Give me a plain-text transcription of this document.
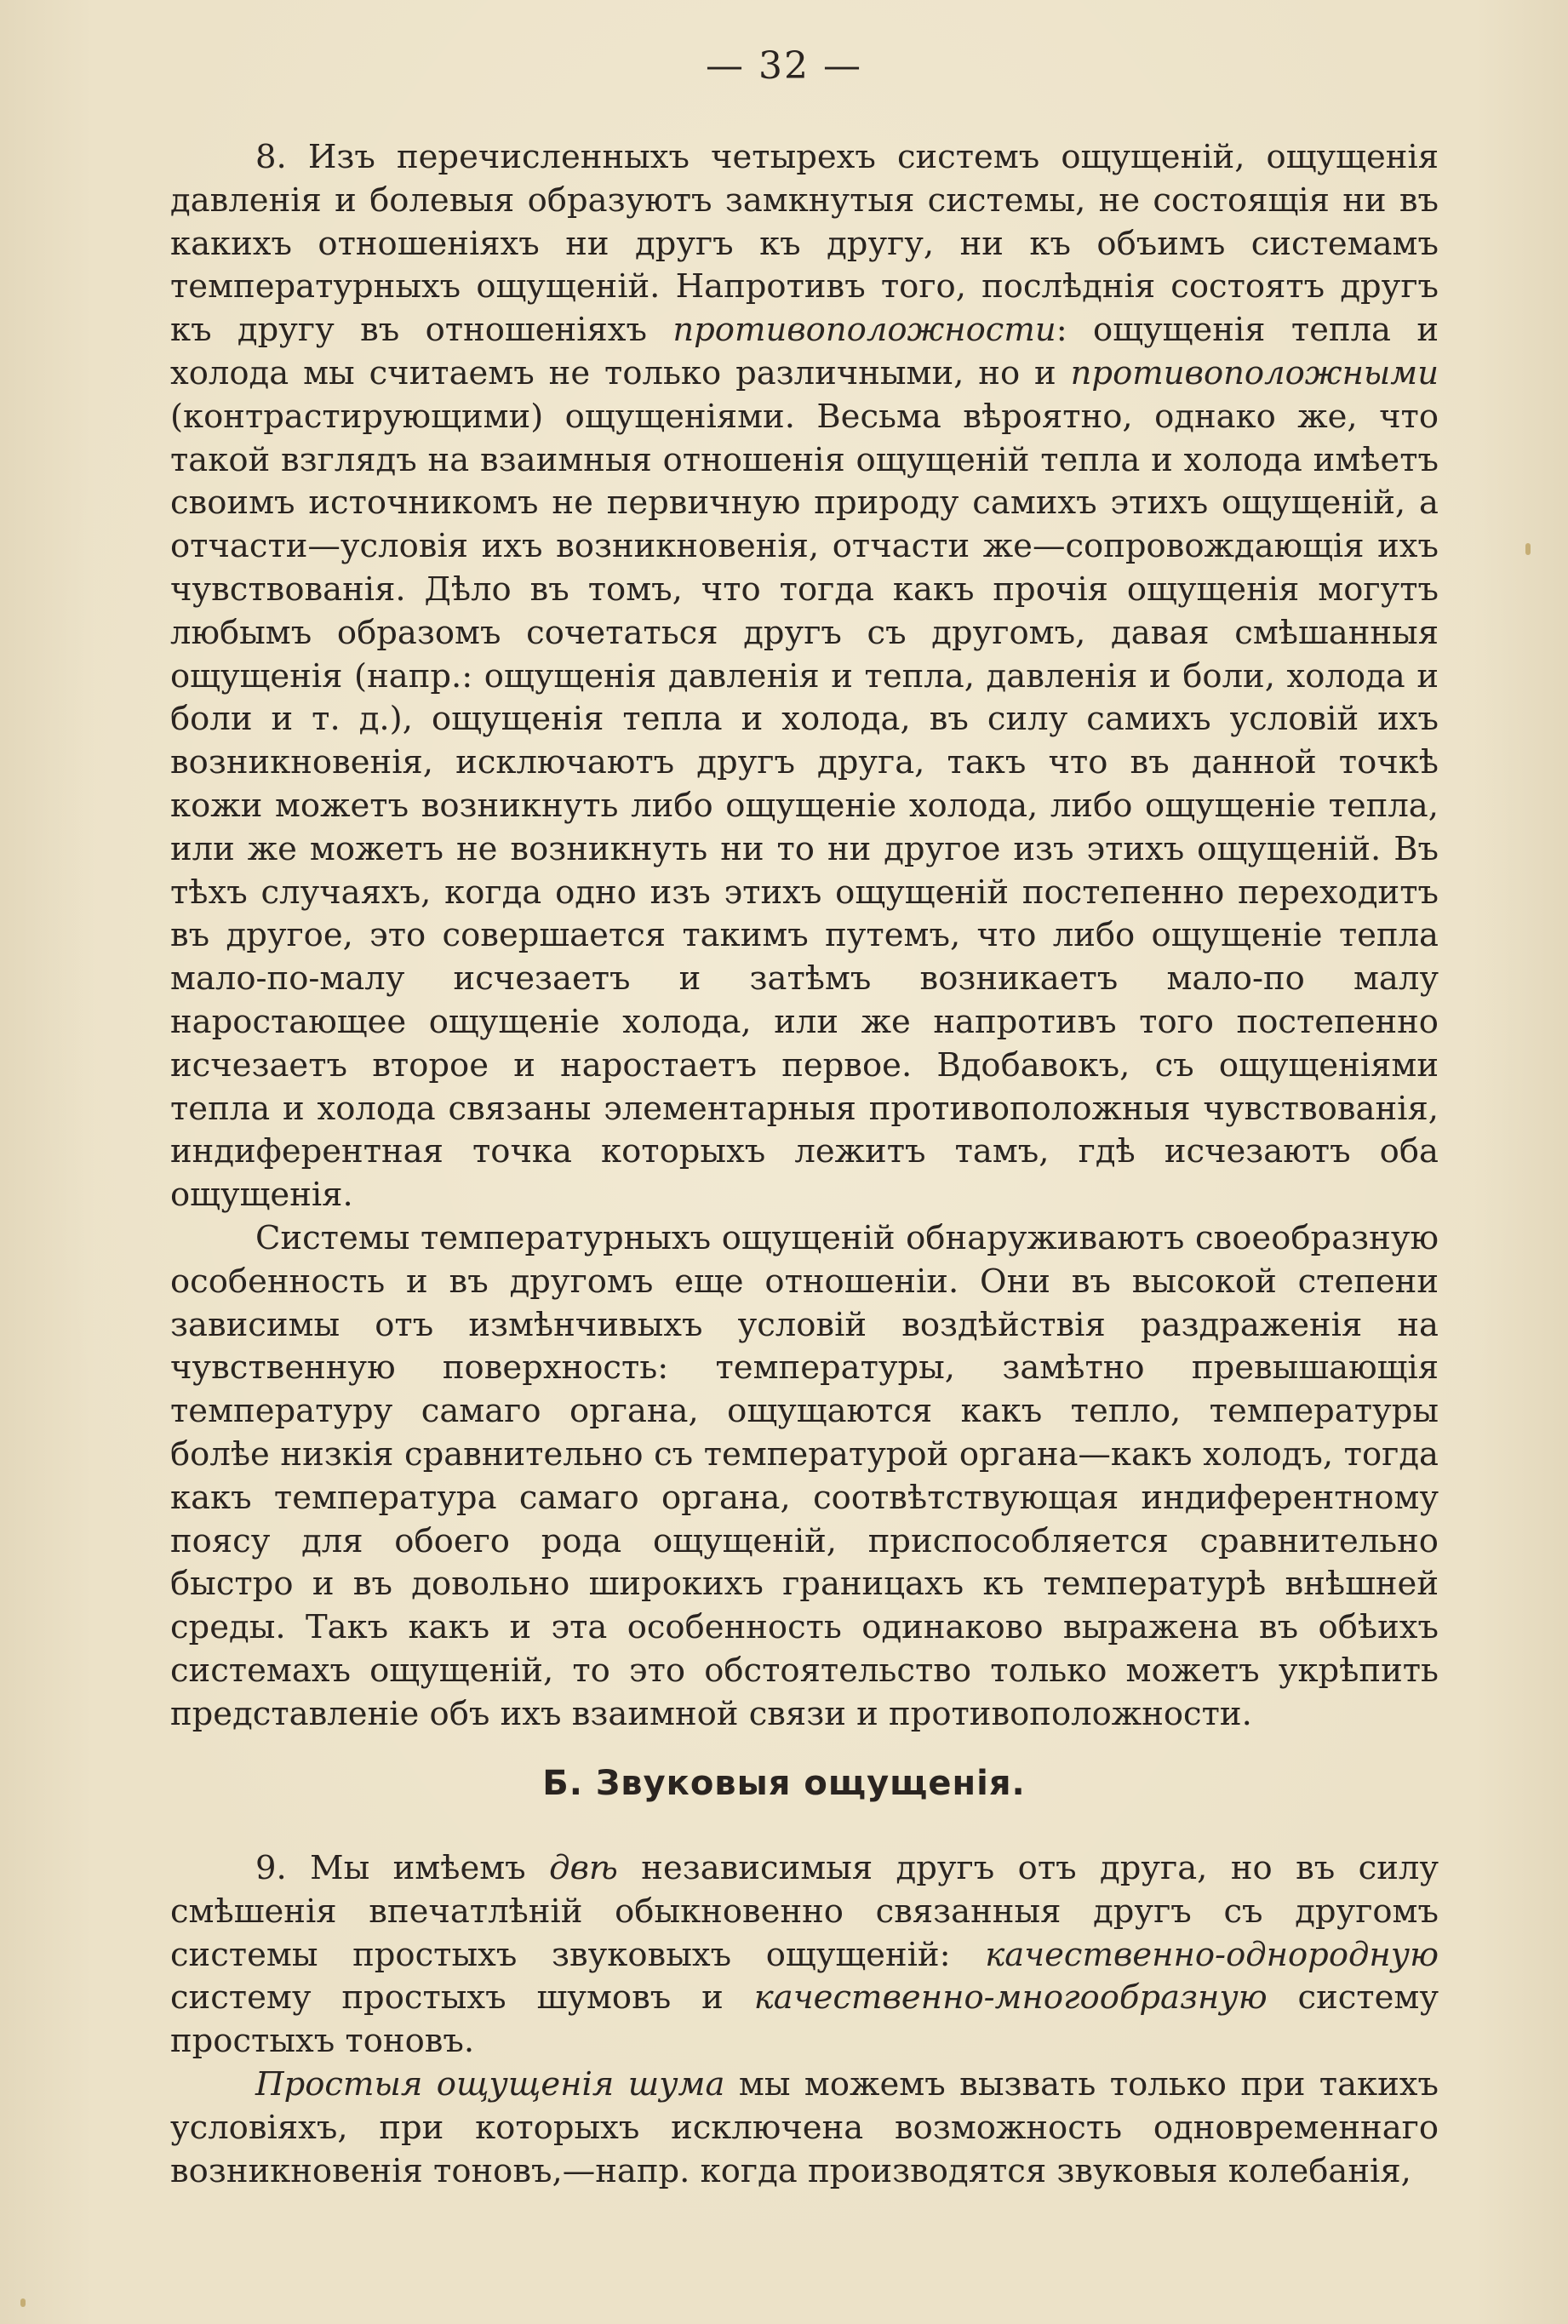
— 32 —

8. Изъ перечисленныхъ четырехъ системъ ощущеній, ощущенія давленія и болевыя образуютъ замкнутыя системы, не состоящія ни въ какихъ отношеніяхъ ни другъ къ другу, ни къ объимъ системамъ температурныхъ ощущеній. Напротивъ того, послѣднія состоятъ другъ къ другу въ отношеніяхъ противоположности: ощущенія тепла и холода мы считаемъ не только различными, но и противоположными (контрастирующими) ощущеніями. Весьма вѣроятно, однако же, что такой взглядъ на взаимныя отношенія ощущеній тепла и холода имѣетъ своимъ источникомъ не первичную природу самихъ этихъ ощущеній, а отчасти—условія ихъ возникновенія, отчасти же—сопровождающія ихъ чувствованія. Дѣло въ томъ, что тогда какъ прочія ощущенія могутъ любымъ образомъ сочетаться другъ съ другомъ, давая смѣшанныя ощущенія (напр.: ощущенія давленія и тепла, давленія и боли, холода и боли и т. д.), ощущенія тепла и холода, въ силу самихъ условій ихъ возникновенія, исключаютъ другъ друга, такъ что въ данной точкѣ кожи можетъ возникнуть либо ощущеніе холода, либо ощущеніе тепла, или же можетъ не возникнуть ни то ни другое изъ этихъ ощущеній. Въ тѣхъ случаяхъ, когда одно изъ этихъ ощущеній постепенно переходитъ въ другое, это совершается такимъ путемъ, что либо ощущеніе тепла мало-по-малу исчезаетъ и затѣмъ возникаетъ мало-по малу наростающее ощущеніе холода, или же напротивъ того постепенно исчезаетъ второе и наростаетъ первое. Вдобавокъ, съ ощущеніями тепла и холода связаны элементарныя противоположныя чувствованія, индиферентная точка которыхъ лежитъ тамъ, гдѣ исчезаютъ оба ощущенія.

Системы температурныхъ ощущеній обнаруживаютъ своеобразную особенность и въ другомъ еще отношеніи. Они въ высокой степени зависимы отъ измѣнчивыхъ условій воздѣйствія раздраженія на чувственную поверхность: температуры, замѣтно превышающія температуру самаго органа, ощущаются какъ тепло, температуры болѣе низкія сравнительно съ температурой органа—какъ холодъ, тогда какъ температура самаго органа, соотвѣтствующая индиферентному поясу для обоего рода ощущеній, приспособляется сравнительно быстро и въ довольно широкихъ границахъ къ температурѣ внѣшней среды. Такъ какъ и эта особенность одинаково выражена въ обѣихъ системахъ ощущеній, то это обстоятельство только можетъ укрѣпить представленіе объ ихъ взаимной связи и противоположности.

Б. Звуковыя ощущенія.

9. Мы имѣемъ двѣ независимыя другъ отъ друга, но въ силу смѣшенія впечатлѣній обыкновенно связанныя другъ съ другомъ системы простыхъ звуковыхъ ощущеній: качественно-однородную систему простыхъ шумовъ и качественно-многообразную систему простыхъ тоновъ.

Простыя ощущенія шума мы можемъ вызвать только при такихъ условіяхъ, при которыхъ исключена возможность одновременнаго возникновенія тоновъ,—напр. когда производятся звуковыя колебанія,
